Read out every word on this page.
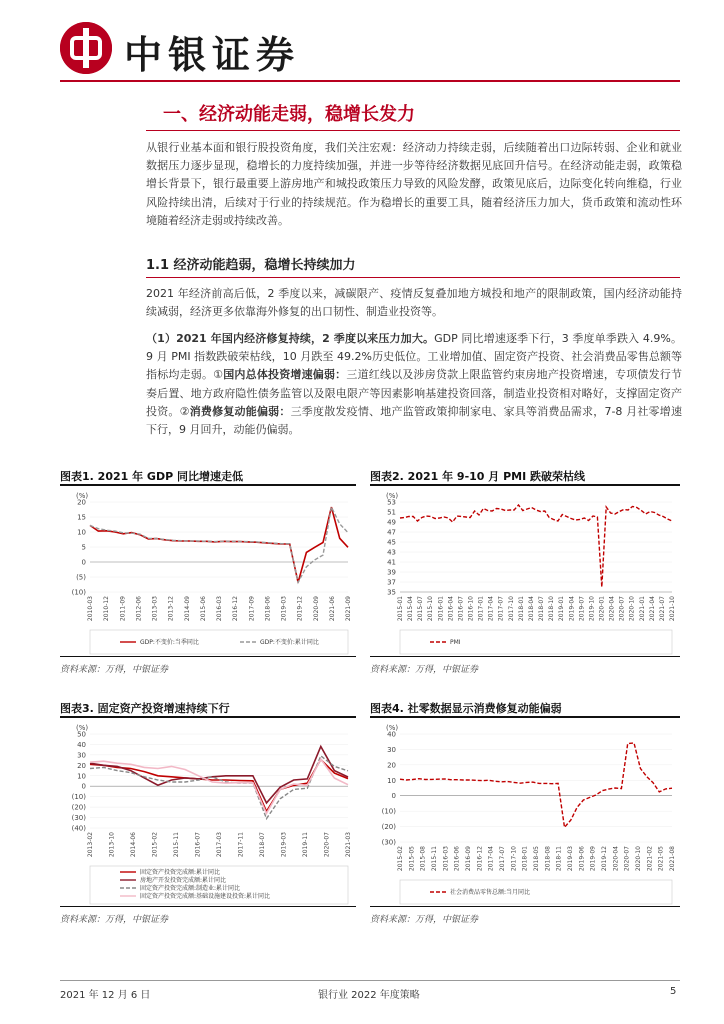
中银证券
一、经济动能走弱，稳增长发力
从银行业基本面和银行股投资角度，我们关注宏观：经济动力持续走弱，后续随着出口边际转弱、企业和就业数据压力逐步显现，稳增长的力度持续加强，并进一步等待经济数据见底回升信号。在经济动能走弱，政策稳增长背景下，银行最重要上游房地产和城投政策压力导致的风险发酵，政策见底后，边际变化转向维稳，行业风险持续出清，后续对于行业的持续规范。作为稳增长的重要工具，随着经济压力加大，货币政策和流动性环境随着经济走弱或持续改善。
1.1 经济动能趋弱，稳增长持续加力
2021 年经济前高后低，2 季度以来，减碳限产、疫情反复叠加地方城投和地产的限制政策，国内经济动能持续减弱，经济更多依靠海外修复的出口韧性、制造业投资等。
（1）2021 年国内经济修复持续，2 季度以来压力加大。GDP 同比增速逐季下行，3 季度单季跌入 4.9%。9 月 PMI 指数跌破荣枯线，10 月跌至 49.2%历史低位。工业增加值、固定资产投资、社会消费品零售总额等指标均走弱。①国内总体投资增速偏弱：三道红线以及涉房贷款上限监管约束房地产投资增速，专项债发行节奏后置、地方政府隐性债务监管以及限电限产等因素影响基建投资回落，制造业投资相对略好，支撑固定资产投资。②消费修复动能偏弱：三季度散发疫情、地产监管政策抑制家电、家具等消费品需求，7-8 月社零增速下行，9 月回升，动能仍偏弱。
图表1. 2021 年 GDP 同比增速走低
(%)
20
15
10
5
0
(5)
(10)
2010-03 2010-12 2011-09 2012-06 2013-03 2013-12 2014-09 2015-06 2016-03 2016-12 2017-09 2018-06 2019-03 2019-12 2020-09 2021-06 2021-09
GDP:不变价:当季同比	GDP:不变价:累计同比
资料来源：万得，中银证券
图表2. 2021 年 9-10 月 PMI 跌破荣枯线
(%)
53
51
49
47
45
43
41
39
37
35
2015-01 2015-04 2015-07 2015-10 2016-01 2016-04 2016-07 2016-10 2017-01 2017-04 2017-07 2017-10 2018-01 2018-04 2018-07 2018-10 2019-01 2019-04 2019-07 2019-10 2020-01 2020-04 2020-07 2020-10 2021-01 2021-04 2021-07 2021-10
PMI
资料来源：万得，中银证券
图表3. 固定资产投资增速持续下行
(%)
50
40
30
20
10
0
(10)
(20)
(30)
(40)
2013-02 2013-10 2014-06 2015-02 2015-11 2016-07 2017-03 2017-11 2018-07 2019-03 2019-11 2020-07 2021-03
固定资产投资完成额:累计同比
房地产开发投资完成额:累计同比
固定资产投资完成额:制造业:累计同比
固定资产投资完成额:基础设施建设投资:累计同比
资料来源：万得，中银证券
图表4. 社零数据显示消费修复动能偏弱
(%)
40
30
20
10
0
(10)
(20)
(30)
2015-02 2015-05 2015-08 2015-11 2016-03 2016-06 2016-09 2016-12 2017-04 2017-07 2017-10 2018-01 2018-05 2018-08 2018-11 2019-03 2019-06 2019-09 2019-12 2020-04 2020-07 2020-10 2021-02 2021-05 2021-08
社会消费品零售总额:当月同比
资料来源：万得，中银证券
2021 年 12 月 6 日	银行业 2022 年度策略	5
